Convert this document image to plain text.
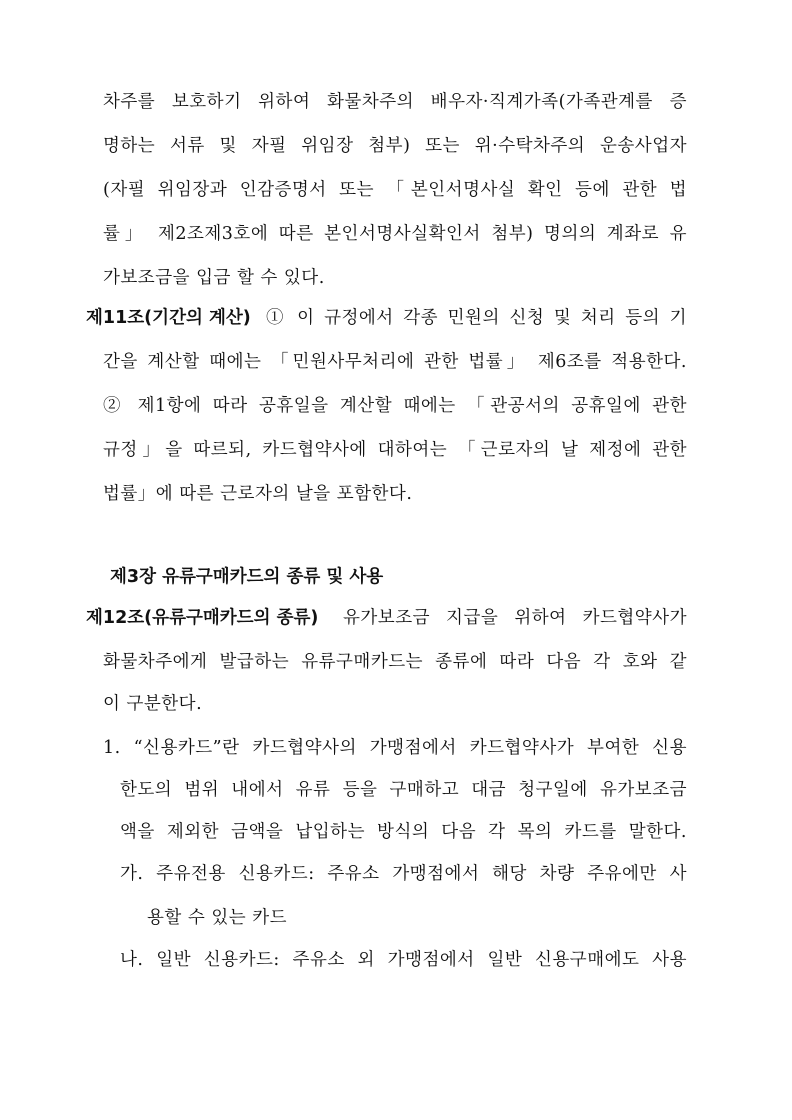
차주를 보호하기 위하여 화물차주의 배우자·직계가족(가족관계를 증
명하는 서류 및 자필 위임장 첨부) 또는 위·수탁차주의 운송사업자
(자필 위임장과 인감증명서 또는 「본인서명사실 확인 등에 관한 법
률」 제2조제3호에 따른 본인서명사실확인서 첨부) 명의의 계좌로 유
가보조금을 입금 할 수 있다.
제11조(기간의 계산) ① 이 규정에서 각종 민원의 신청 및 처리 등의 기
간을 계산할 때에는 「민원사무처리에 관한 법률」 제6조를 적용한다.
② 제1항에 따라 공휴일을 계산할 때에는 「관공서의 공휴일에 관한
규정」을 따르되, 카드협약사에 대하여는 「근로자의 날 제정에 관한
법률」에 따른 근로자의 날을 포함한다.
제3장 유류구매카드의 종류 및 사용
제12조(유류구매카드의 종류) 유가보조금 지급을 위하여 카드협약사가
화물차주에게 발급하는 유류구매카드는 종류에 따라 다음 각 호와 같
이 구분한다.
1. “신용카드”란 카드협약사의 가맹점에서 카드협약사가 부여한 신용
한도의 범위 내에서 유류 등을 구매하고 대금 청구일에 유가보조금
액을 제외한 금액을 납입하는 방식의 다음 각 목의 카드를 말한다.
가. 주유전용 신용카드: 주유소 가맹점에서 해당 차량 주유에만 사
용할 수 있는 카드
나. 일반 신용카드: 주유소 외 가맹점에서 일반 신용구매에도 사용
